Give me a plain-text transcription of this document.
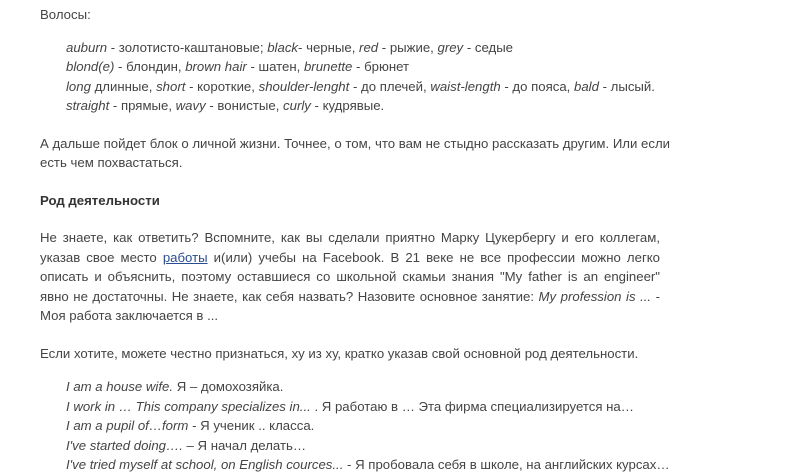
Волосы:

auburn - золотисто-каштановые; black- черные, red - рыжие, grey - седые

blond(e) - блондин, brown hair - шатен, brunette - брюнет

long длинные, short - короткие, shoulder-lenght - до плечей, waist-length - до пояса, bald - лысый.

straight - прямые, wavy - вонистые, curly - кудрявые.

А дальше пойдет блок о личной жизни. Точнее, о том, что вам не стыдно рассказать другим. Или если

есть чем похвастаться.

Род деятельности

Не знаете, как ответить? Вспомните, как вы сделали приятно Марку Цукербергу и его коллегам, указав свое место работы и(или) учебы на Facebook. В 21 веке не все профессии можно легко описать и объяснить, поэтому оставшиеся со школьной скамьи знания "My father is an engineer" явно не достаточны. Не знаете, как себя назвать? Назовите основное занятие: My profession is ... - Моя работа заключается в ...

Если хотите, можете честно признаться, ху из ху, кратко указав свой основной род деятельности.

I am a house wife. Я – домохозяйка.

I work in … This company specializes in... . Я работаю в … Эта фирма специализируется на…

I am a pupil of…form - Я ученик .. класса.

I've started doing…. – Я начал делать…

I've tried myself at school, on English cources... - Я пробовала себя в школе, на английских курсах…
